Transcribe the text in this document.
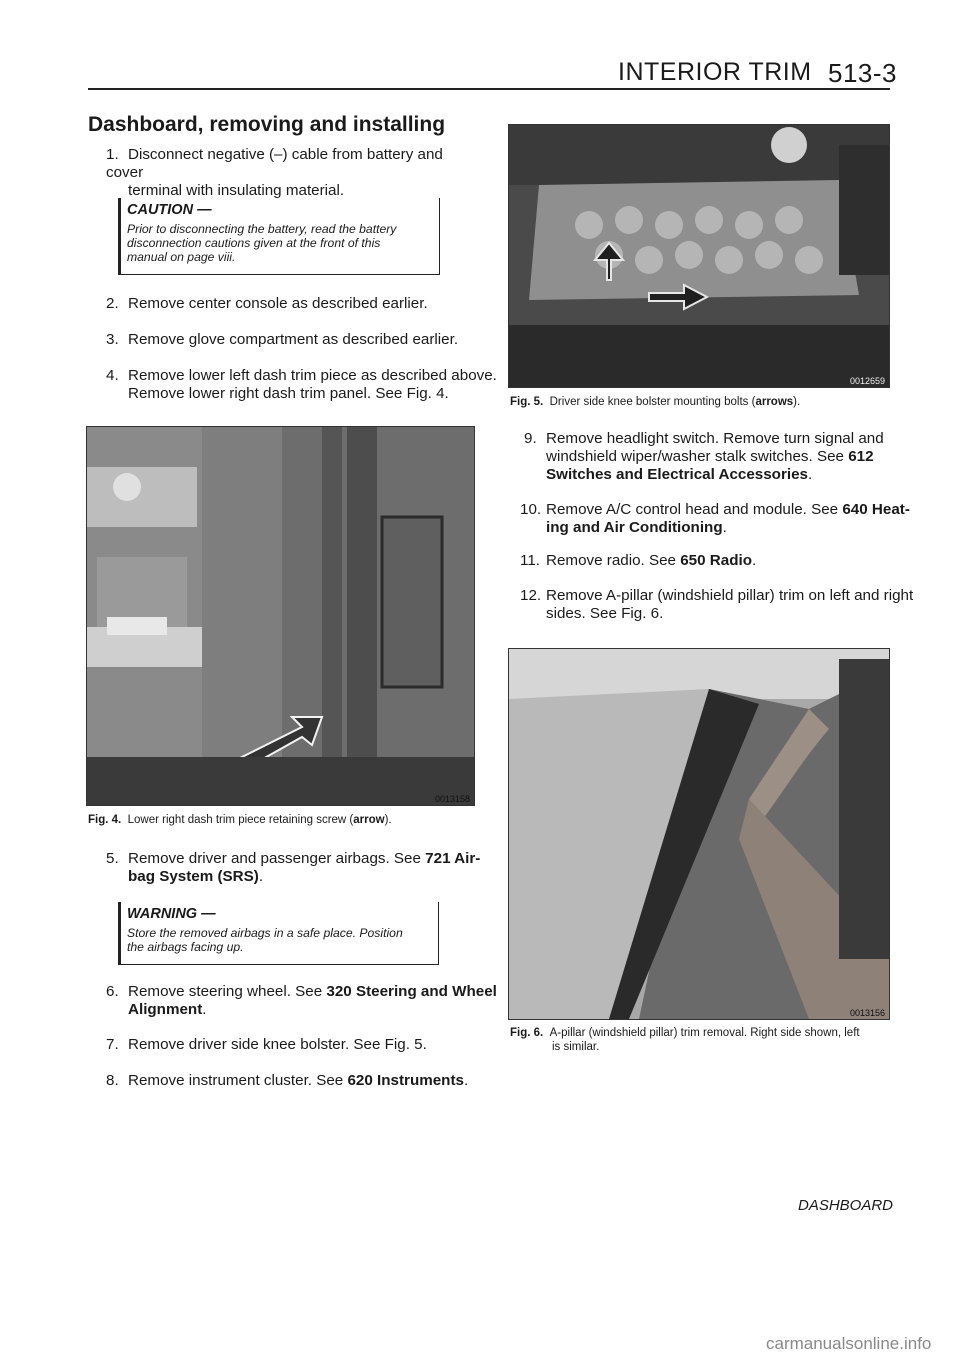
INTERIOR TRIM 513-3
Dashboard, removing and installing
1. Disconnect negative (–) cable from battery and cover
terminal with insulating material.
CAUTION —
Prior to disconnecting the battery, read the battery
disconnection cautions given at the front of this
manual on page viii.
2. Remove center console as described earlier.
3. Remove glove compartment as described earlier.
4. Remove lower left dash trim piece as described above.
Remove lower right dash trim panel. See Fig. 4.
0013158
Fig. 4. Lower right dash trim piece retaining screw (arrow).
5. Remove driver and passenger airbags. See 721 Air-
bag System (SRS).
WARNING —
Store the removed airbags in a safe place. Position
the airbags facing up.
6. Remove steering wheel. See 320 Steering and Wheel
Alignment.
7. Remove driver side knee bolster. See Fig. 5.
8. Remove instrument cluster. See 620 Instruments.
0012659
Fig. 5. Driver side knee bolster mounting bolts (arrows).
9. Remove headlight switch. Remove turn signal and
windshield wiper/washer stalk switches. See 612
Switches and Electrical Accessories.
10. Remove A/C control head and module. See 640 Heat-
ing and Air Conditioning.
11. Remove radio. See 650 Radio.
12. Remove A-pillar (windshield pillar) trim on left and right
sides. See Fig. 6.
0013156
Fig. 6. A-pillar (windshield pillar) trim removal. Right side shown, left
is similar.
DASHBOARD
carmanualsonline.info
